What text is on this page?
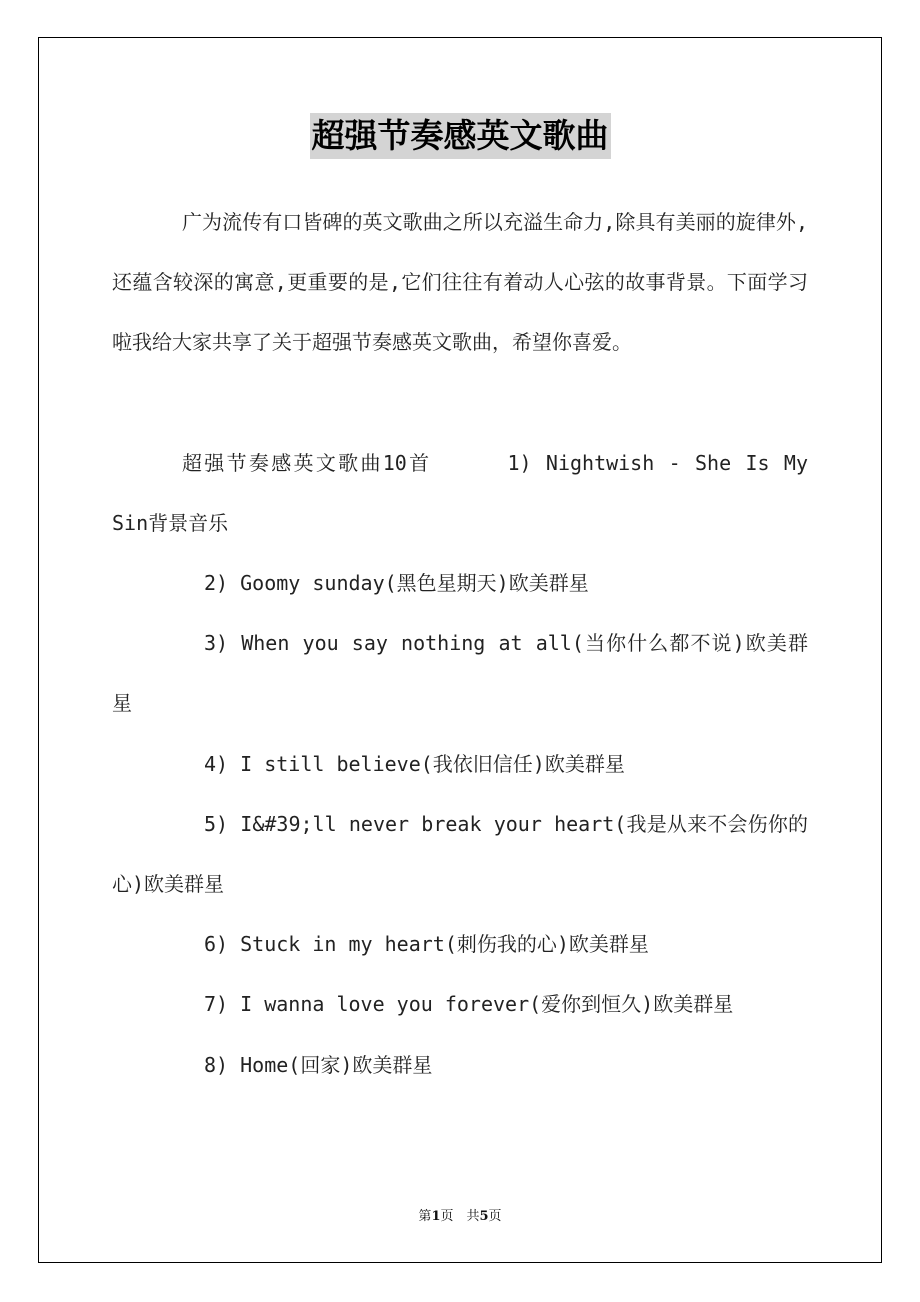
超强节奏感英文歌曲

广为流传有口皆碑的英文歌曲之所以充溢生命力,除具有美丽的旋律外,还蕴含较深的寓意,更重要的是,它们往往有着动人心弦的故事背景。下面学习啦我给大家共享了关于超强节奏感英文歌曲，希望你喜爱。

超强节奏感英文歌曲10首	1) Nightwish - She Is My Sin背景音乐

2) Goomy sunday(黑色星期天)欧美群星

3) When you say nothing at all(当你什么都不说)欧美群星

4) I still believe(我依旧信任)欧美群星

5) I&#39;ll never break your heart(我是从来不会伤你的心)欧美群星

6) Stuck in my heart(刺伤我的心)欧美群星

7) I wanna love you forever(爱你到恒久)欧美群星

8) Home(回家)欧美群星

第1页　共5页
